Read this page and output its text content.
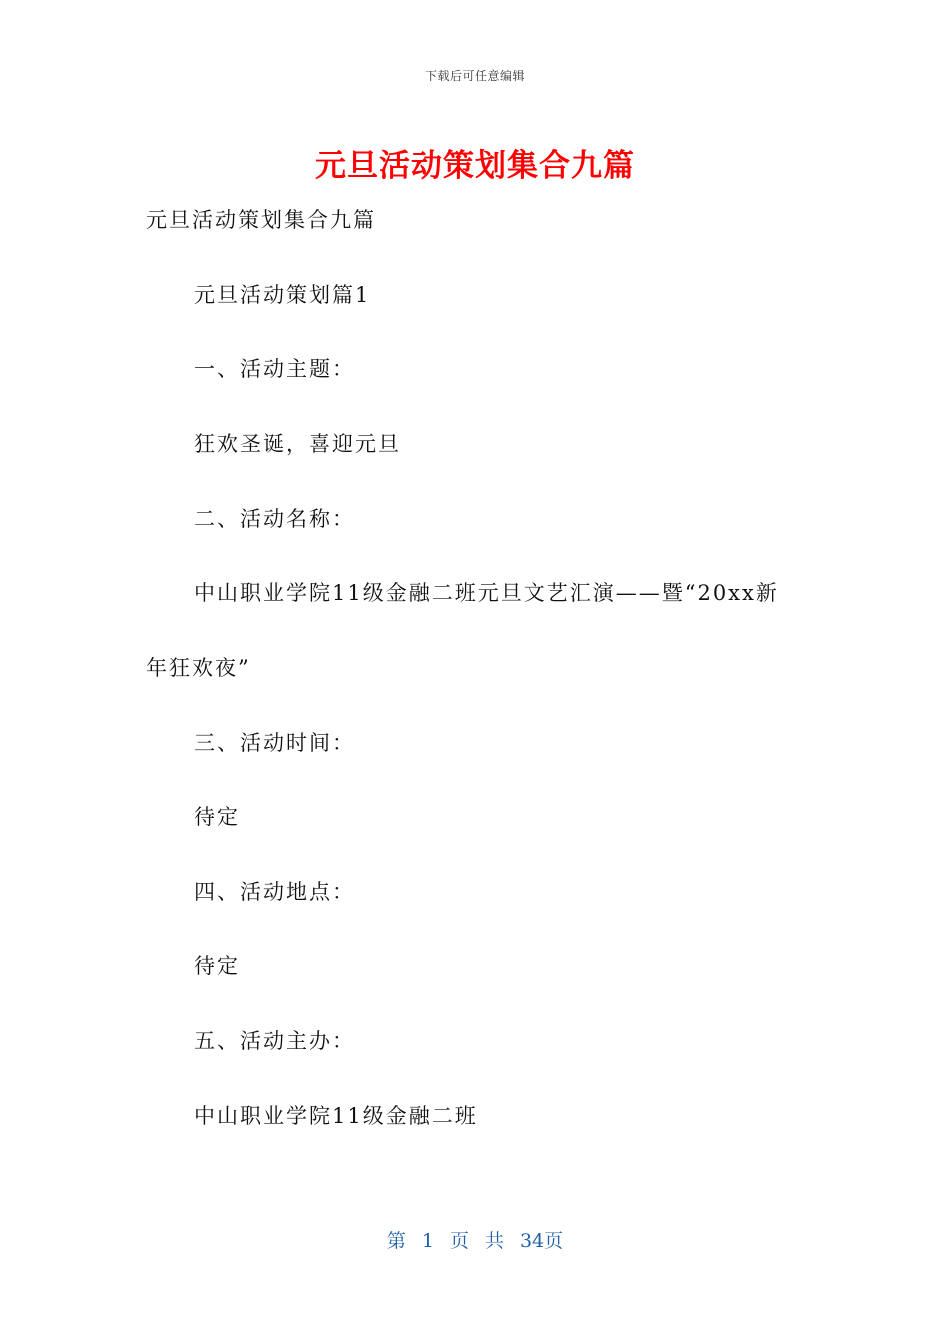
下载后可任意编辑
元旦活动策划集合九篇
元旦活动策划集合九篇
元旦活动策划篇1
一、活动主题：
狂欢圣诞，喜迎元旦
二、活动名称：
中山职业学院11级金融二班元旦文艺汇演——暨“20xx新
年狂欢夜”
三、活动时间：
待定
四、活动地点：
待定
五、活动主办：
中山职业学院11级金融二班
第 1 页 共 34页
